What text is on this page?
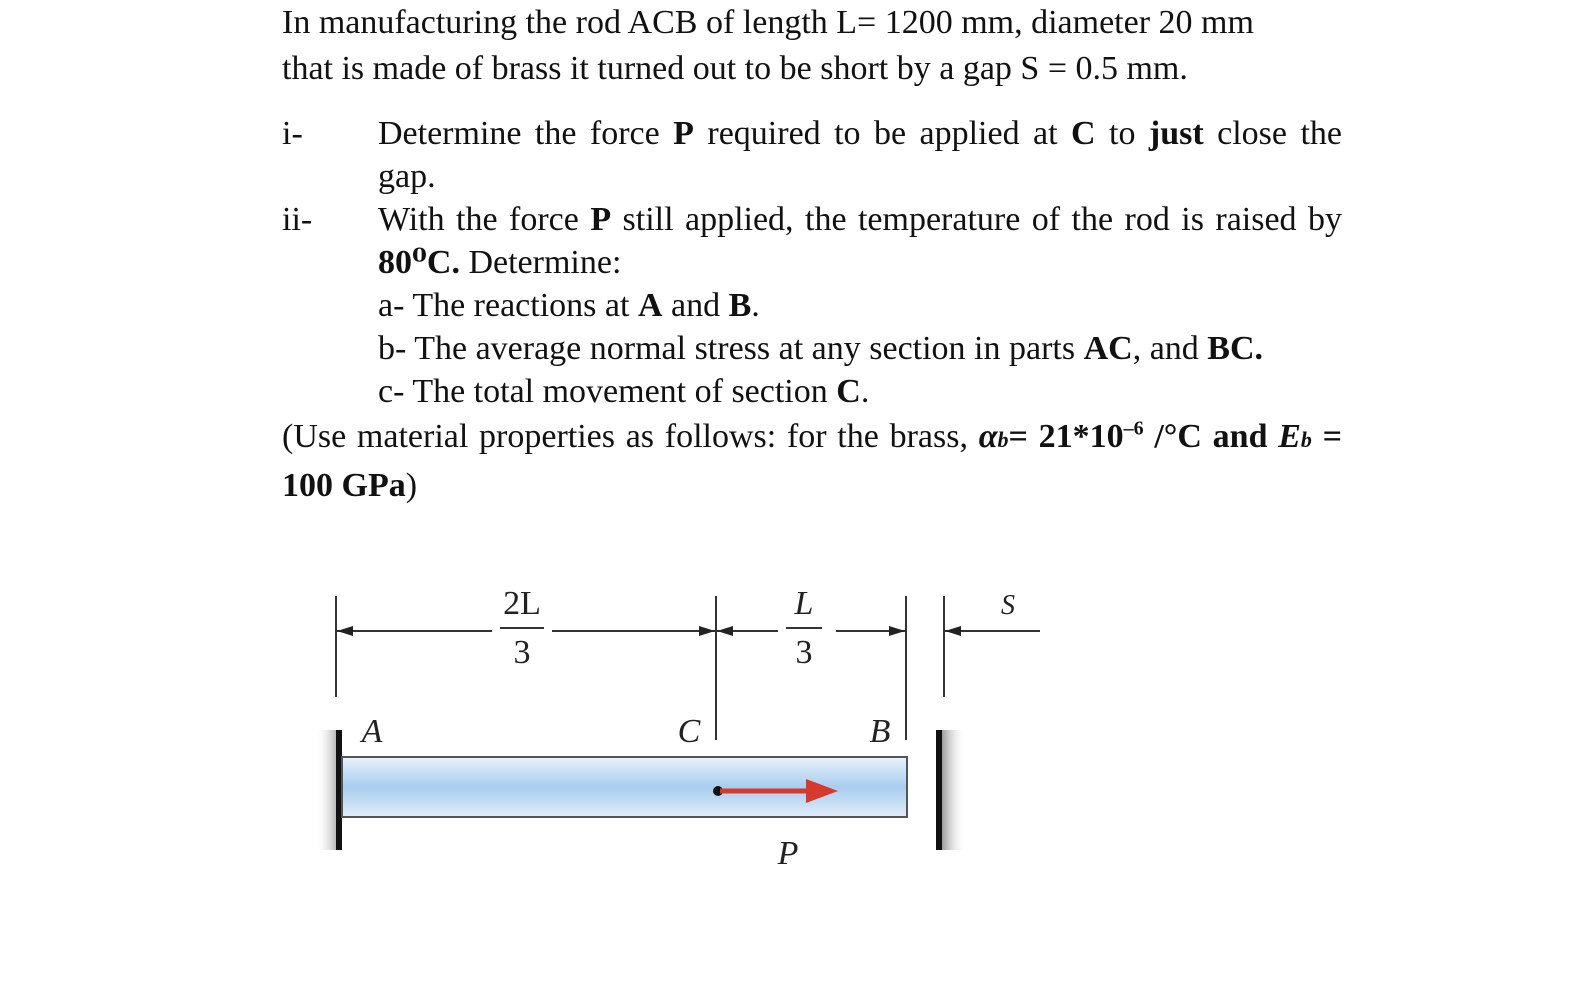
In manufacturing the rod ACB of length L= 1200 mm, diameter 20 mm
that is made of brass it turned out to be short by a gap S = 0.5 mm.
i- Determine the force P required to be applied at C to just close the gap.
ii- With the force P still applied, the temperature of the rod is raised by 80⁰C. Determine:
a- The reactions at A and B.
b- The average normal stress at any section in parts AC, and BC.
c- The total movement of section C.
(Use material properties as follows: for the brass, $\alpha b= 21*10^{-6}$ /°C and Eb = 100 GPa)
2L
3
L
3
S
A	C	B
P
